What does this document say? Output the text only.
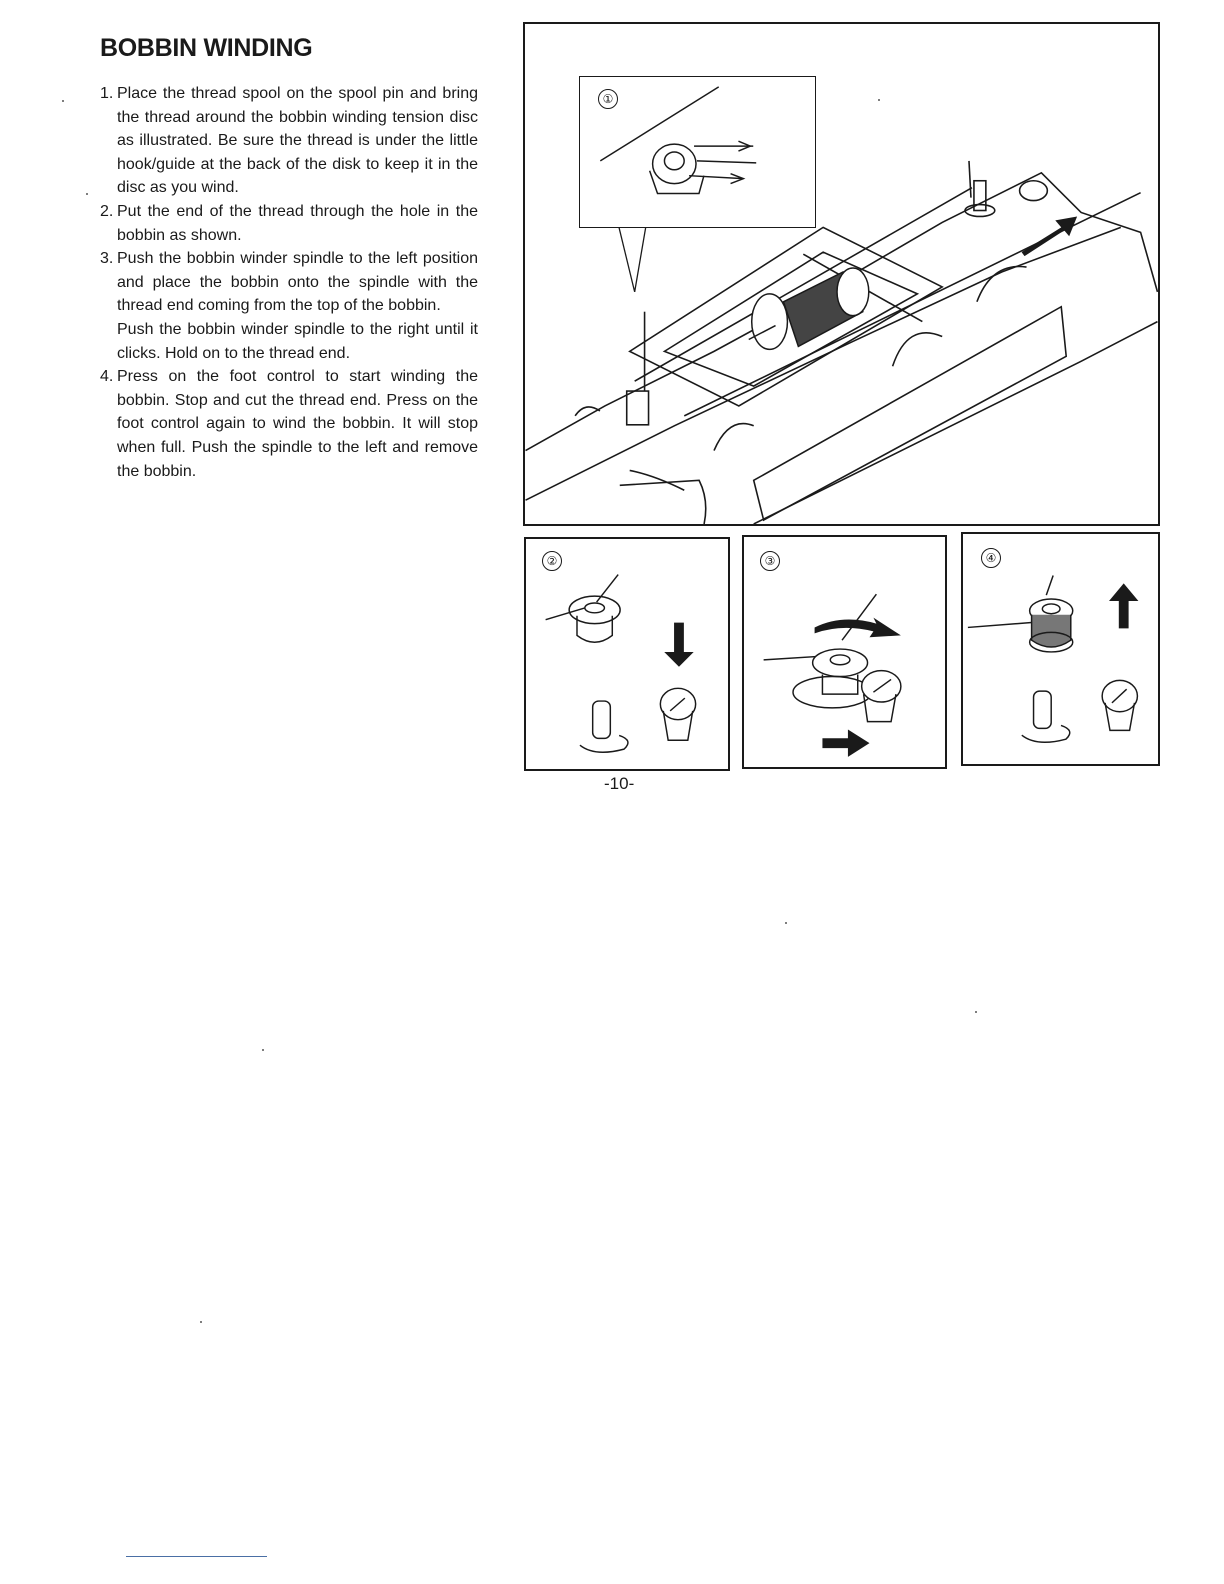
BOBBIN WINDING
1. Place the thread spool on the spool pin and bring the thread around the bobbin winding tension disc as illustrated. Be sure the thread is under the little hook/guide at the back of the disk to keep it in the disc as you wind.

2. Put the end of the thread through the hole in the bobbin as shown.

3. Push the bobbin winder spindle to the left position and place the bobbin onto the spindle with the thread end coming from the top of the bobbin.

Push the bobbin winder spindle to the right until it clicks. Hold on to the thread end.

4. Press on the foot control to start winding the bobbin. Stop and cut the thread end. Press on the foot control again to wind the bobbin. It will stop when full. Push the spindle to the left and remove the bobbin.

①
②	③	④
-10-
